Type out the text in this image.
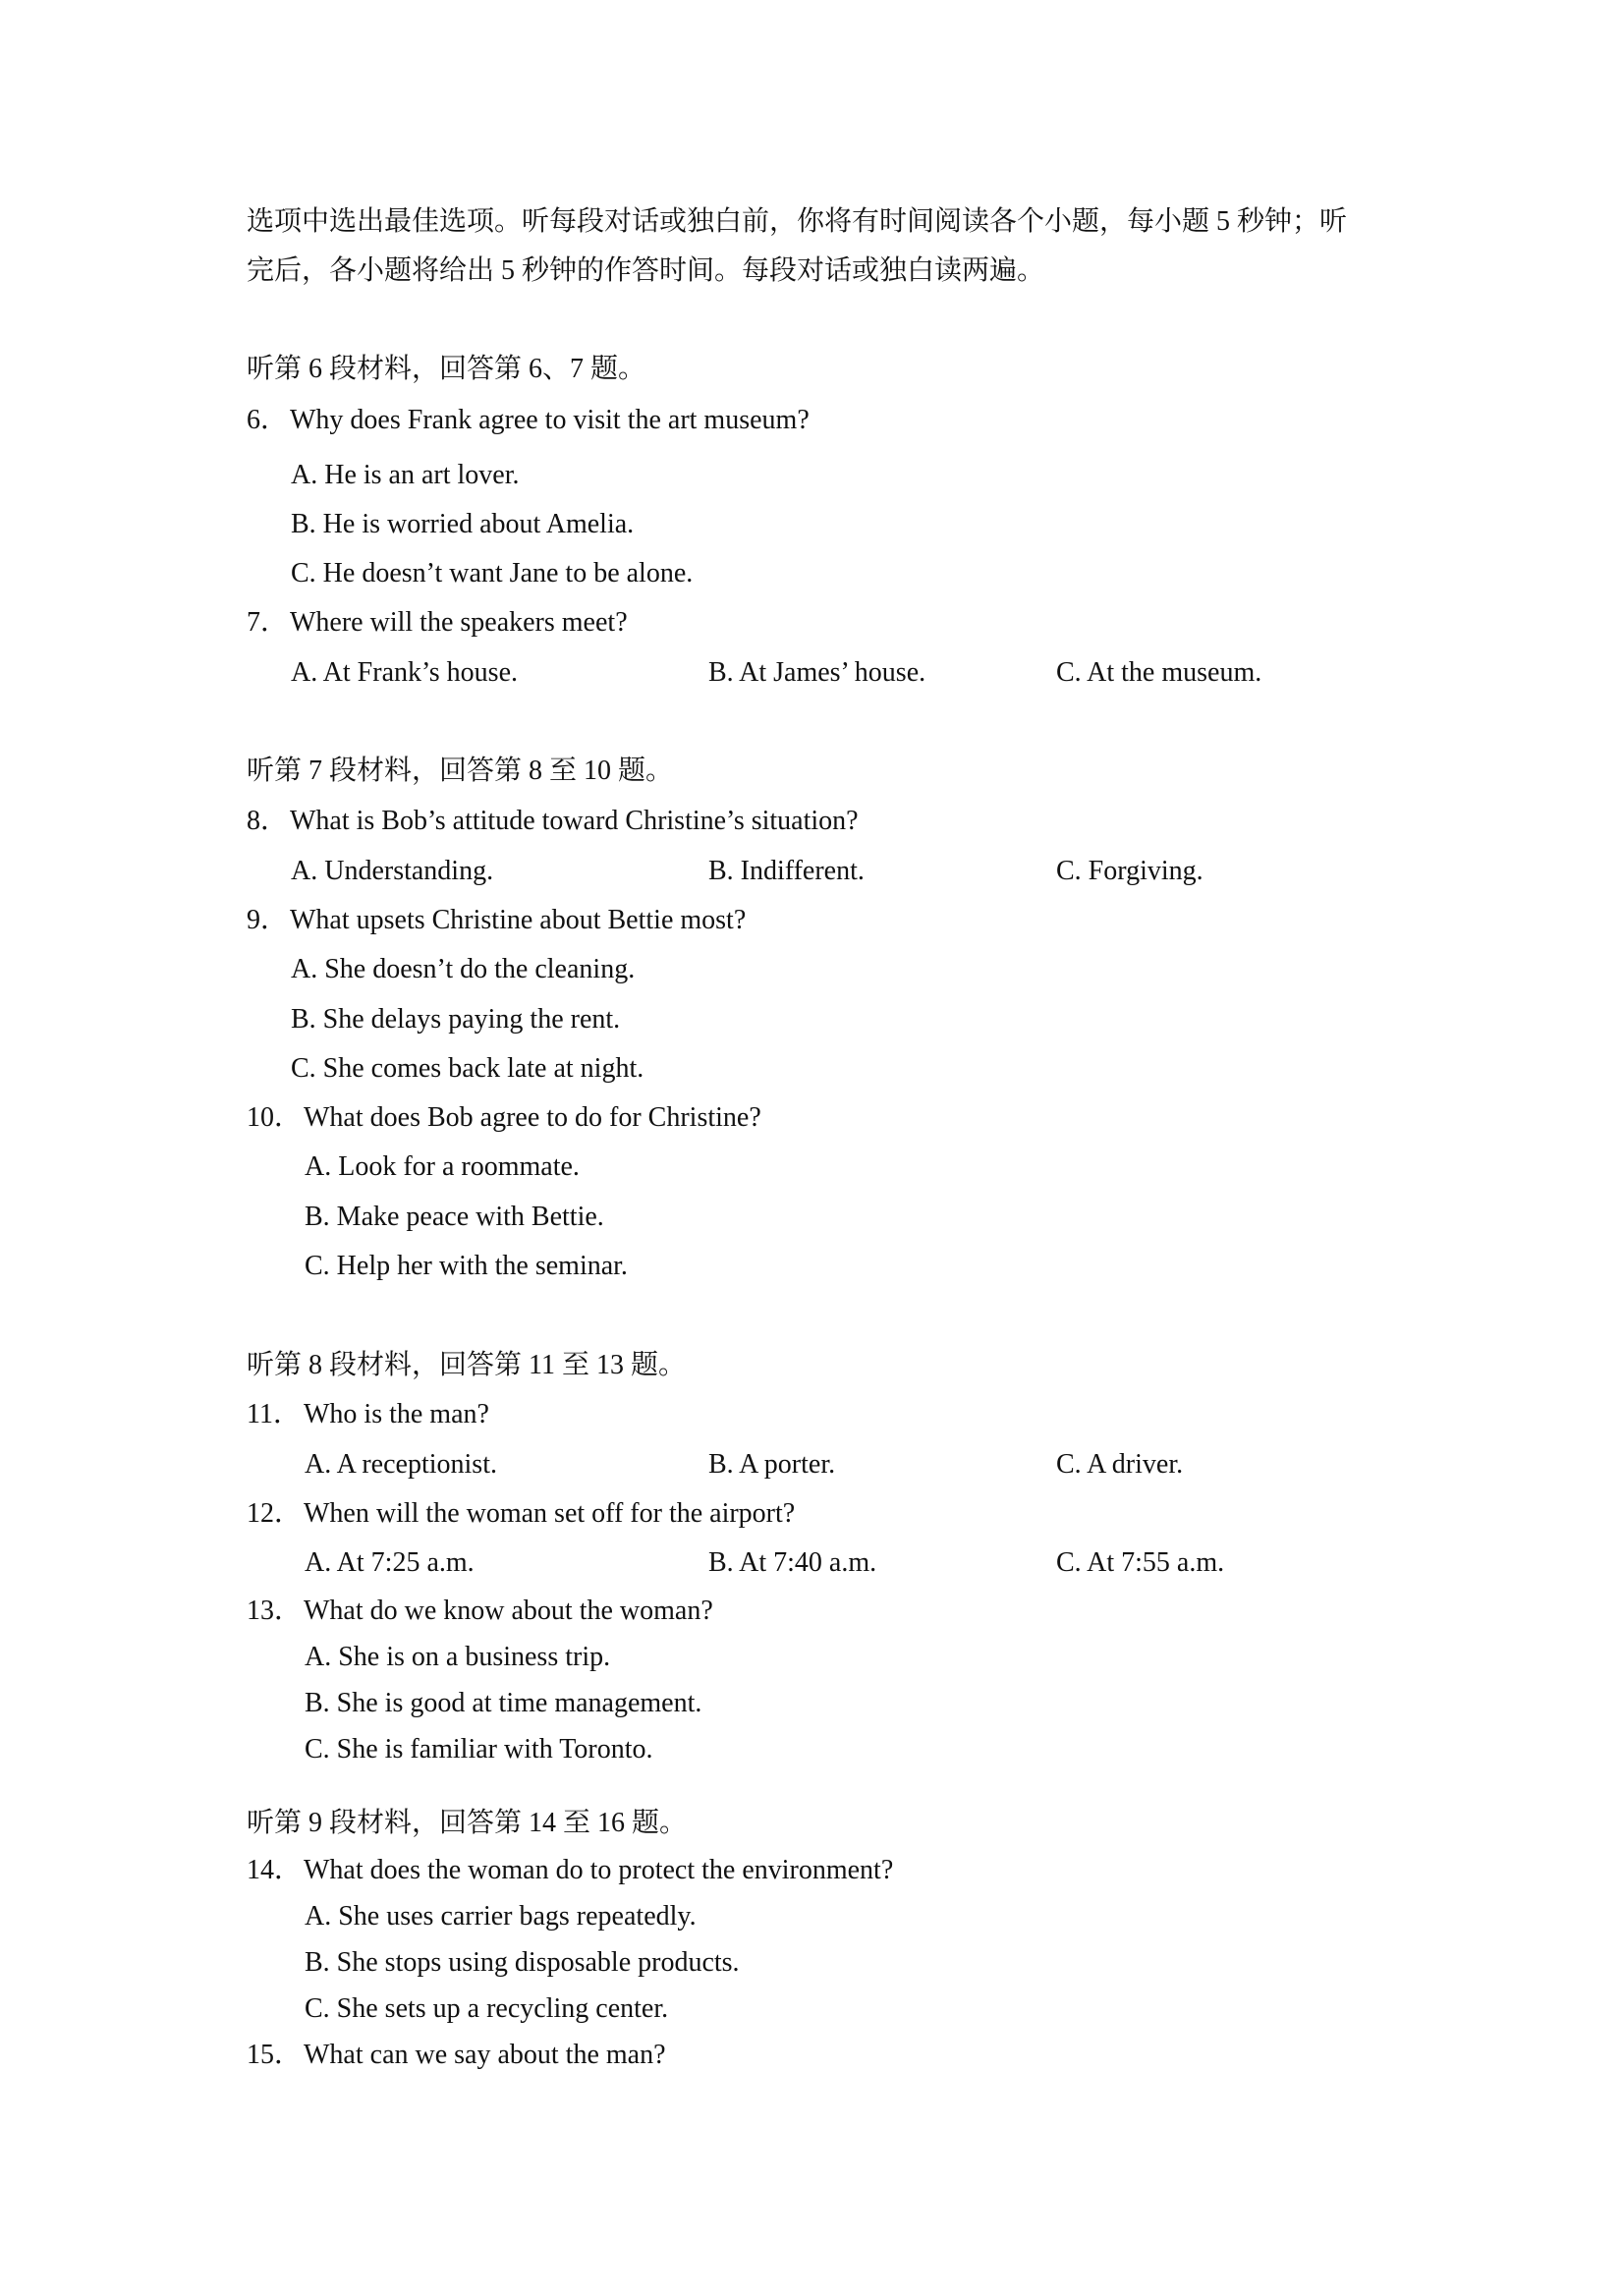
选项中选出最佳选项。听每段对话或独白前，你将有时间阅读各个小题，每小题 5 秒钟；听
完后，各小题将给出 5 秒钟的作答时间。每段对话或独白读两遍。
听第 6 段材料，回答第 6、7 题。
6． Why does Frank agree to visit the art museum?
A. He is an art lover.
B. He is worried about Amelia.
C. He doesn’t want Jane to be alone.
7． Where will the speakers meet?
A. At Frank’s house.	B. At James’ house.	C. At the museum.
听第 7 段材料，回答第 8 至 10 题。
8． What is Bob’s attitude toward Christine’s situation?
A. Understanding.	B. Indifferent.	C. Forgiving.
9． What upsets Christine about Bettie most?
A. She doesn’t do the cleaning.
B. She delays paying the rent.
C. She comes back late at night.
10． What does Bob agree to do for Christine?
A. Look for a roommate.
B. Make peace with Bettie.
C. Help her with the seminar.
听第 8 段材料，回答第 11 至 13 题。
11． Who is the man?
A. A receptionist.	B. A porter.	C. A driver.
12． When will the woman set off for the airport?
A. At 7:25 a.m.	B. At 7:40 a.m.	C. At 7:55 a.m.
13． What do we know about the woman?
A. She is on a business trip.
B. She is good at time management.
C. She is familiar with Toronto.
听第 9 段材料，回答第 14 至 16 题。
14． What does the woman do to protect the environment?
A. She uses carrier bags repeatedly.
B. She stops using disposable products.
C. She sets up a recycling center.
15． What can we say about the man?
